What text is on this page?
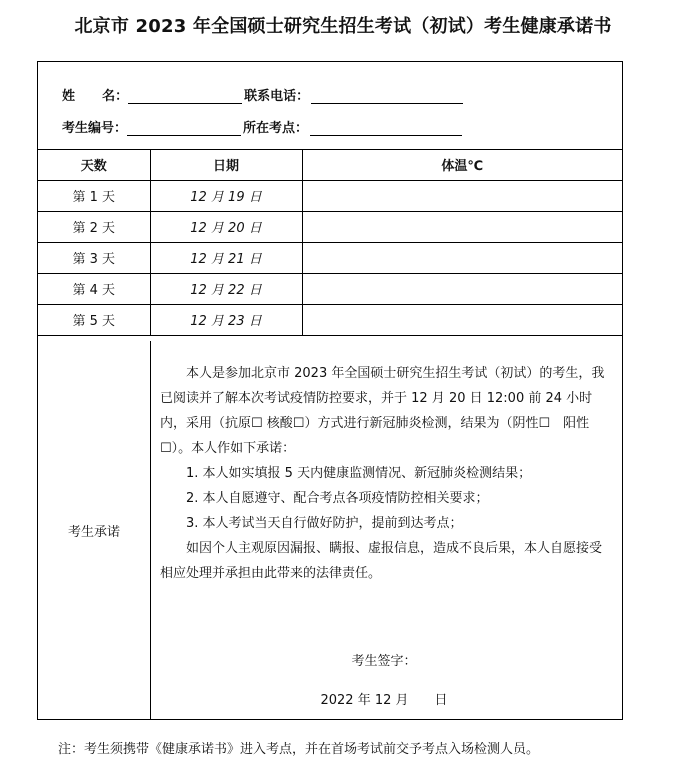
北京市 2023 年全国硕士研究生招生考试（初试）考生健康承诺书
姓      名：	联系电话：
考生编号：	所在考点：
天数	日期	体温℃
第 1 天	12 月 19 日	
第 2 天	12 月 20 日	
第 3 天	12 月 21 日	
第 4 天	12 月 22 日	
第 5 天	12 月 23 日	
考生承诺

本人是参加北京市 2023 年全国硕士研究生招生考试（初试）的考生，我已阅读并了解本次考试疫情防控要求，并于 12 月 20 日 12:00 前 24 小时内，采用（抗原☐ 核酸☐）方式进行新冠肺炎检测，结果为（阴性☐　阳性☐）。本人作如下承诺：

1. 本人如实填报 5 天内健康监测情况、新冠肺炎检测结果；

2. 本人自愿遵守、配合考点各项疫情防控相关要求；

3. 本人考试当天自行做好防护，提前到达考点；

如因个人主观原因漏报、瞒报、虚报信息，造成不良后果，本人自愿接受相应处理并承担由此带来的法律责任。

考生签字：
2022 年 12 月　　日
注：考生须携带《健康承诺书》进入考点，并在首场考试前交予考点入场检测人员。
